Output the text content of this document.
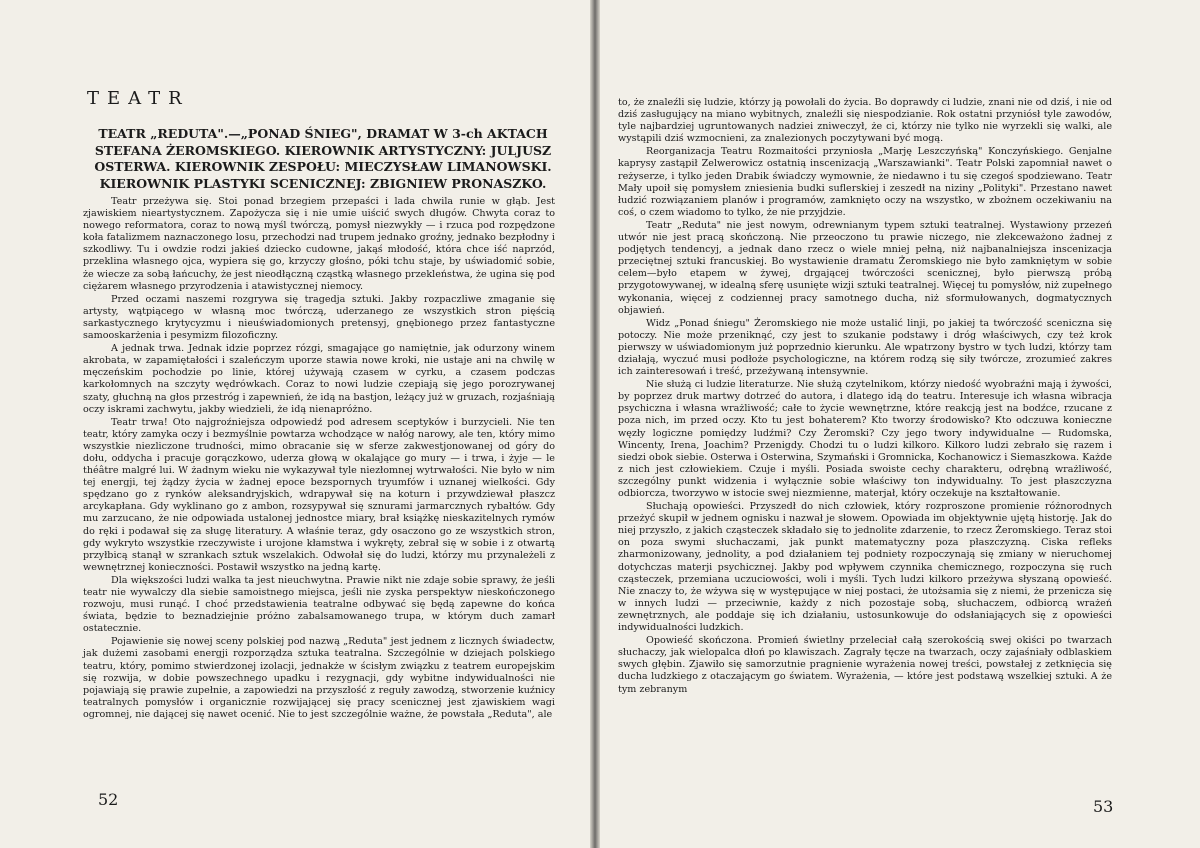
TEATR
TEATR „REDUTA".—„PONAD ŚNIEG", DRAMAT W 3-ch AKTACH STEFANA ŻEROMSKIEGO. KIEROWNIK ARTYSTYCZNY: JULJUSZ OSTERWA. KIEROWNIK ZESPOŁU: MIECZYSŁAW LIMANOWSKI. KIEROWNIK PLASTYKI SCENICZNEJ: ZBIGNIEW PRONASZKO.

Teatr przeżywa się. Stoi ponad brzegiem przepaści i lada chwila runie w głąb. Jest zjawiskiem nieartystycznem. Zapożycza się i nie umie uiścić swych długów. Chwyta coraz to nowego reformatora, coraz to nową myśl twórczą, pomysł niezwykły — i rzuca pod rozpędzone koła fatalizmem naznaczonego losu, przechodzi nad trupem jednako groźny, jednako bezpłodny i szkodliwy. Tu i owdzie rodzi jakieś dziecko cudowne, jakąś młodość, która chce iść naprzód, przeklina własnego ojca, wypiera się go, krzyczy głośno, póki tchu staje, by uświadomić sobie, że wiecze za sobą łańcuchy, że jest nieodłączną cząstką własnego przekleństwa, że ugina się pod ciężarem własnego przyrodzenia i atawistycznej niemocy.

Przed oczami naszemi rozgrywa się tragedja sztuki. Jakby rozpaczliwe zmaganie się artysty, wątpiącego w własną moc twórczą, uderzanego ze wszystkich stron pięścią sarkastycznego krytycyzmu i nieuświadomionych pretensyj, gnębionego przez fantastyczne samooskarżenia i pesymizm filozoficzny.

A jednak trwa. Jednak idzie poprzez rózgi, smagające go namiętnie, jak odurzony winem akrobata, w zapamiętałości i szaleńczym uporze stawia nowe kroki, nie ustaje ani na chwilę w męczeńskim pochodzie po linie, której używają czasem w cyrku, a czasem podczas karkołomnych na szczyty wędrówkach. Coraz to nowi ludzie czepiają się jego porozrywanej szaty, głuchną na głos przestróg i zapewnień, że idą na bastjon, leżący już w gruzach, rozjaśniają oczy iskrami zachwytu, jakby wiedzieli, że idą nienapróżno.

Teatr trwa! Oto najgroźniejsza odpowiedź pod adresem sceptyków i burzycieli. Nie ten teatr, który zamyka oczy i bezmyślnie powtarza wchodzące w nałóg narowy, ale ten, który mimo wszystkie niezliczone trudności, mimo obracanie się w sferze zakwestjonowanej od góry do dołu, oddycha i pracuje gorączkowo, uderza głową w okalające go mury — i trwa, i żyje — le théâtre malgré lui. W żadnym wieku nie wykazywał tyle niezłomnej wytrwałości. Nie było w nim tej energji, tej żądzy życia w żadnej epoce bezspornych tryumfów i uznanej wielkości. Gdy spędzano go z rynków aleksandryjskich, wdrapywał się na koturn i przywdziewał płaszcz arcykapłana. Gdy wyklinano go z ambon, rozsypywał się sznurami jarmarcznych rybałtów. Gdy mu zarzucano, że nie odpowiada ustalonej jednostce miary, brał książkę nieskazitelnych rymów do ręki i podawał się za sługę literatury. A właśnie teraz, gdy osaczono go ze wszystkich stron, gdy wykryto wszystkie rzeczywiste i urojone kłamstwa i wykręty, zebrał się w sobie i z otwartą przyłbicą stanął w szrankach sztuk wszelakich. Odwołał się do ludzi, którzy mu przynależeli z wewnętrznej konieczności. Postawił wszystko na jedną kartę.

Dla większości ludzi walka ta jest nieuchwytna. Prawie nikt nie zdaje sobie sprawy, że jeśli teatr nie wywalczy dla siebie samoistnego miejsca, jeśli nie zyska perspektyw nieskończonego rozwoju, musi runąć. I choć przedstawienia teatralne odbywać się będą zapewne do końca świata, będzie to beznadziejnie próżno zabalsamowanego trupa, w którym duch zamarł ostatecznie.

Pojawienie się nowej sceny polskiej pod nazwą „Reduta" jest jednem z licznych świadectw, jak dużemi zasobami energji rozporządza sztuka teatralna. Szczególnie w dziejach polskiego teatru, który, pomimo stwierdzonej izolacji, jednakże w ścisłym związku z teatrem europejskim się rozwija, w dobie powszechnego upadku i rezygnacji, gdy wybitne indywidualności nie pojawiają się prawie zupełnie, a zapowiedzi na przyszłość z reguły zawodzą, stworzenie kuźnicy teatralnych pomysłów i organicznie rozwijającej się pracy scenicznej jest zjawiskiem wagi ogromnej, nie dającej się nawet ocenić. Nie to jest szczególnie ważne, że powstała „Reduta", ale

52

to, że znaleźli się ludzie, którzy ją powołali do życia. Bo doprawdy ci ludzie, znani nie od dziś, i nie od dziś zasługujący na miano wybitnych, znaleźli się niespodzianie. Rok ostatni przyniósł tyle zawodów, tyle najbardziej ugruntowanych nadziei zniweczył, że ci, którzy nie tylko nie wyrzekli się walki, ale wystąpili dziś wzmocnieni, za znalezionych poczytywani być mogą.

Reorganizacja Teatru Rozmaitości przyniosła „Marję Leszczyńską" Konczyńskiego. Genjalne kaprysy zastąpił Zelwerowicz ostatnią inscenizacją „Warszawianki". Teatr Polski zapomniał nawet o reżyserze, i tylko jeden Drabik świadczy wymownie, że niedawno i tu się czegoś spodziewano. Teatr Mały upoił się pomysłem zniesienia budki suflerskiej i zeszedł na niziny „Polityki". Przestano nawet łudzić rozwiązaniem planów i programów, zamknięto oczy na wszystko, w zbożnem oczekiwaniu na coś, o czem wiadomo to tylko, że nie przyjdzie.

Teatr „Reduta" nie jest nowym, odrewnianym typem sztuki teatralnej. Wystawiony przezeń utwór nie jest pracą skończoną. Nie przeoczono tu prawie niczego, nie zlekceważono żadnej z podjętych tendencyj, a jednak dano rzecz o wiele mniej pełną, niż najbanalniejsza inscenizacja przeciętnej sztuki francuskiej. Bo wystawienie dramatu Żeromskiego nie było zamkniętym w sobie celem—było etapem w żywej, drgającej twórczości scenicznej, było pierwszą próbą przygotowywanej, w idealną sferę usunięte wizji sztuki teatralnej. Więcej tu pomysłów, niż zupełnego wykonania, więcej z codziennej pracy samotnego ducha, niż sformułowanych, dogmatycznych objawień.

Widz „Ponad śniegu" Żeromskiego nie może ustalić linji, po jakiej ta twórczość sceniczna się potoczy. Nie może przeniknąć, czy jest to szukanie podstawy i dróg właściwych, czy też krok pierwszy w uświadomionym już poprzednio kierunku. Ale wpatrzony bystro w tych ludzi, którzy tam działają, wyczuć musi podłoże psychologiczne, na którem rodzą się siły twórcze, zrozumieć zakres ich zainteresowań i treść, przeżywaną intensywnie.

Nie służą ci ludzie literaturze. Nie służą czytelnikom, którzy niedość wyobraźni mają i żywości, by poprzez druk martwy dotrzeć do autora, i dlatego idą do teatru. Interesuje ich własna wibracja psychiczna i własna wrażliwość; całe to życie wewnętrzne, które reakcją jest na bodźce, rzucane z poza nich, im przed oczy. Kto tu jest bohaterem? Kto tworzy środowisko? Kto odczuwa konieczne węzły logiczne pomiędzy ludźmi? Czy Żeromski? Czy jego twory indywidualne — Rudomska, Wincenty, Irena, Joachim? Przenigdy. Chodzi tu o ludzi kilkoro. Kilkoro ludzi zebrało się razem i siedzi obok siebie. Osterwa i Osterwina, Szymański i Gromnicka, Kochanowicz i Siemaszkowa. Każde z nich jest człowiekiem. Czuje i myśli. Posiada swoiste cechy charakteru, odrębną wrażliwość, szczególny punkt widzenia i wyłącznie sobie właściwy ton indywidualny. To jest płaszczyzna odbiorcza, tworzywo w istocie swej niezmienne, materjał, który oczekuje na kształtowanie.

Słuchają opowieści. Przyszedł do nich człowiek, który rozproszone promienie różnorodnych przeżyć skupił w jednem ognisku i nazwał je słowem. Opowiada im objektywnie ujętą historję. Jak do niej przyszło, z jakich cząsteczek składało się to jednolite zdarzenie, to rzecz Żeromskiego. Teraz stoi on poza swymi słuchaczami, jak punkt matematyczny poza płaszczyzną. Ciska refleks zharmonizowany, jednolity, a pod działaniem tej podniety rozpoczynają się zmiany w nieruchomej dotychczas materji psychicznej. Jakby pod wpływem czynnika chemicznego, rozpoczyna się ruch cząsteczek, przemiana uczuciowości, woli i myśli. Tych ludzi kilkoro przeżywa słyszaną opowieść. Nie znaczy to, że wżywa się w występujące w niej postaci, że utożsamia się z niemi, że przenicza się w innych ludzi — przeciwnie, każdy z nich pozostaje sobą, słuchaczem, odbiorcą wrażeń zewnętrznych, ale poddaje się ich działaniu, ustosunkowuje do odsłaniających się z opowieści indywidualności ludzkich.

Opowieść skończona. Promień świetlny przeleciał całą szerokością swej okiści po twarzach słuchaczy, jak wielopalca dłoń po klawiszach. Zagrały tęcze na twarzach, oczy zajaśniały odblaskiem swych głębin. Zjawiło się samorzutnie pragnienie wyrażenia nowej treści, powstałej z zetknięcia się ducha ludzkiego z otaczającym go światem. Wyrażenia, — które jest podstawą wszelkiej sztuki. A że tym zebranym

53
